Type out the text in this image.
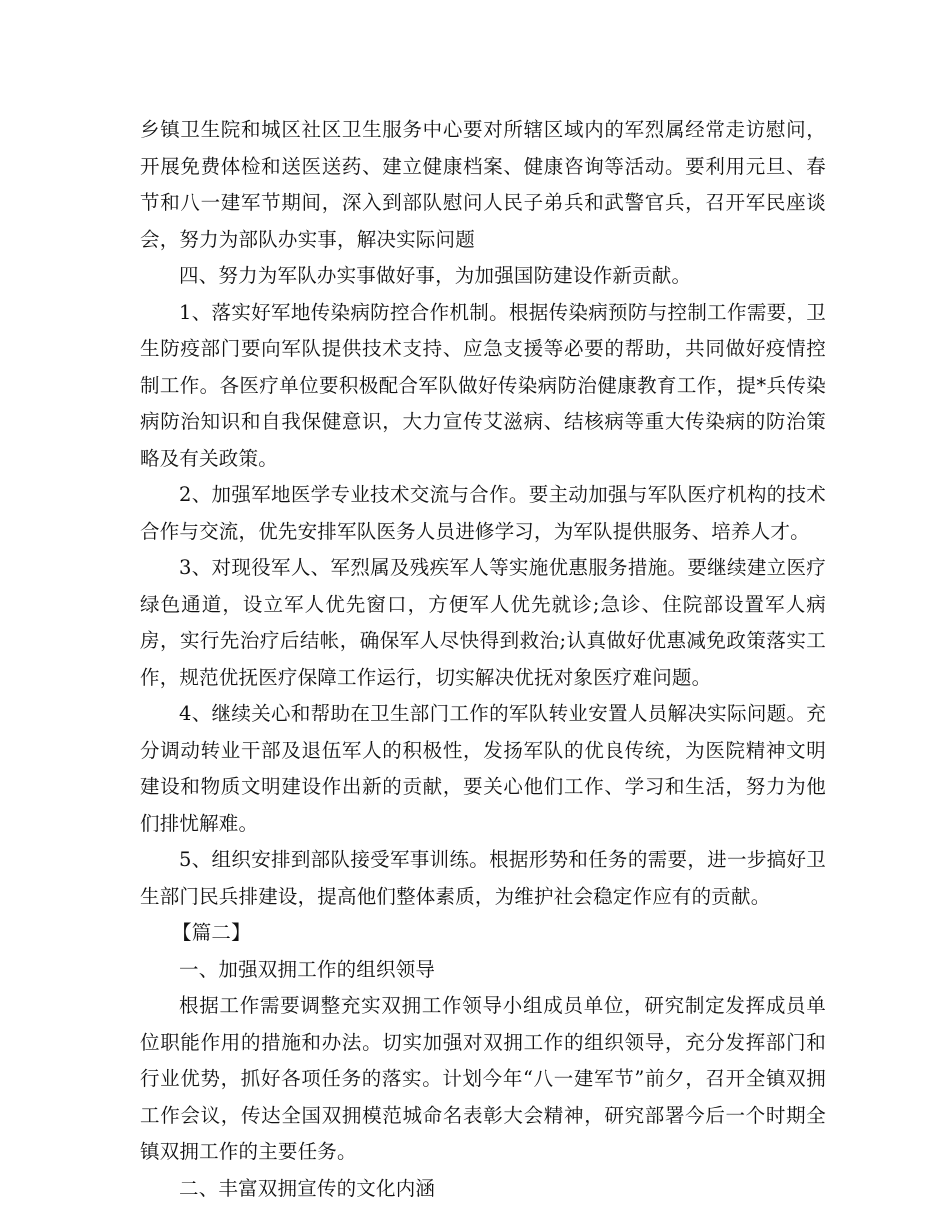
乡镇卫生院和城区社区卫生服务中心要对所辖区域内的军烈属经常走访慰问，开展免费体检和送医送药、建立健康档案、健康咨询等活动。要利用元旦、春节和八一建军节期间，深入到部队慰问人民子弟兵和武警官兵，召开军民座谈会，努力为部队办实事，解决实际问题

四、努力为军队办实事做好事，为加强国防建设作新贡献。

1、落实好军地传染病防控合作机制。根据传染病预防与控制工作需要，卫生防疫部门要向军队提供技术支持、应急支援等必要的帮助，共同做好疫情控制工作。各医疗单位要积极配合军队做好传染病防治健康教育工作，提*兵传染病防治知识和自我保健意识，大力宣传艾滋病、结核病等重大传染病的防治策略及有关政策。

2、加强军地医学专业技术交流与合作。要主动加强与军队医疗机构的技术合作与交流，优先安排军队医务人员进修学习，为军队提供服务、培养人才。

3、对现役军人、军烈属及残疾军人等实施优惠服务措施。要继续建立医疗绿色通道，设立军人优先窗口，方便军人优先就诊;急诊、住院部设置军人病房，实行先治疗后结帐，确保军人尽快得到救治;认真做好优惠减免政策落实工作，规范优抚医疗保障工作运行，切实解决优抚对象医疗难问题。

4、继续关心和帮助在卫生部门工作的军队转业安置人员解决实际问题。充分调动转业干部及退伍军人的积极性，发扬军队的优良传统，为医院精神文明建设和物质文明建设作出新的贡献，要关心他们工作、学习和生活，努力为他们排忧解难。

5、组织安排到部队接受军事训练。根据形势和任务的需要，进一步搞好卫生部门民兵排建设，提高他们整体素质，为维护社会稳定作应有的贡献。

【篇二】

一、加强双拥工作的组织领导

根据工作需要调整充实双拥工作领导小组成员单位，研究制定发挥成员单位职能作用的措施和办法。切实加强对双拥工作的组织领导，充分发挥部门和行业优势，抓好各项任务的落实。计划今年“八一建军节”前夕，召开全镇双拥工作会议，传达全国双拥模范城命名表彰大会精神，研究部署今后一个时期全镇双拥工作的主要任务。

二、丰富双拥宣传的文化内涵
